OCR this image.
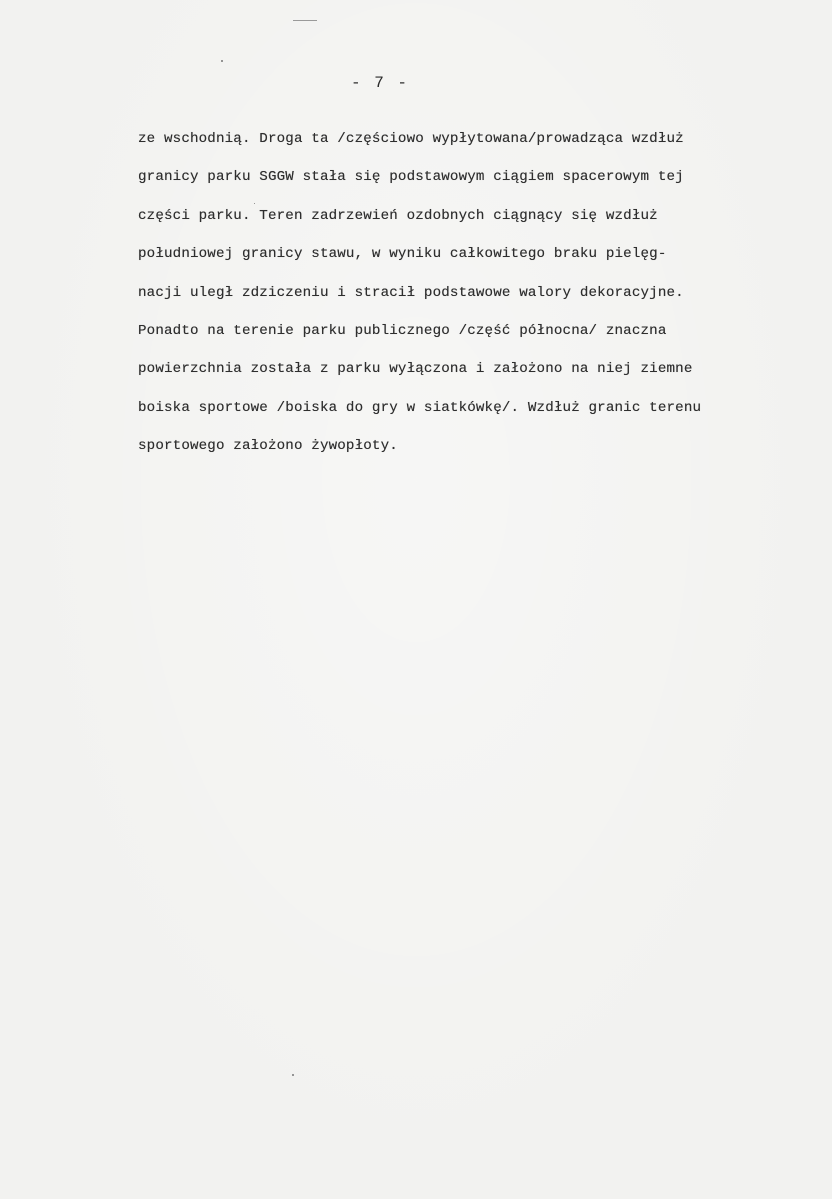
- 7 -
ze wschodnią. Droga ta /częściowo wypłytowana/prowadząca wzdłuż
granicy parku SGGW stała się podstawowym ciągiem spacerowym tej
części parku. Teren zadrzewień ozdobnych ciągnący się wzdłuż
południowej granicy stawu, w wyniku całkowitego braku pielęg-
nacji uległ zdziczeniu i stracił podstawowe walory dekoracyjne.
Ponadto na terenie parku publicznego /część północna/ znaczna
powierzchnia została z parku wyłączona i założono na niej ziemne
boiska sportowe /boiska do gry w siatkówkę/. Wzdłuż granic terenu
sportowego założono żywopłoty.
